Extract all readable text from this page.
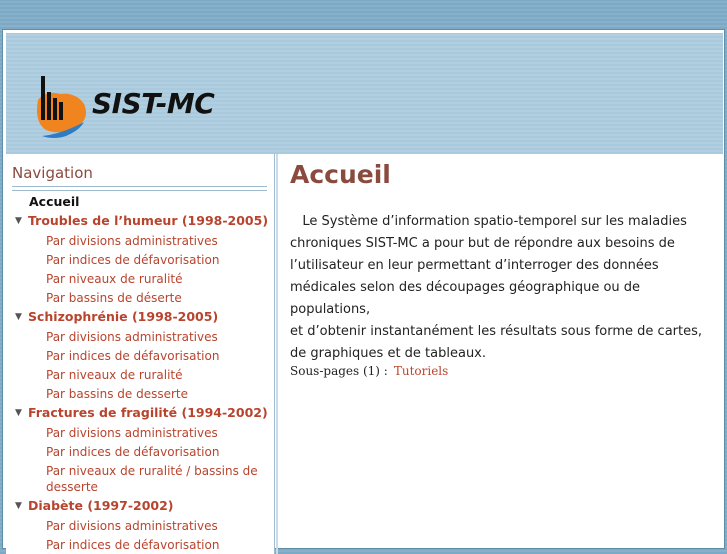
SIST-MC
Navigation
Accueil
▼ Troubles de l’humeur (1998-2005)
Par divisions administratives
Par indices de défavorisation
Par niveaux de ruralité
Par bassins de déserte
▼ Schizophrénie (1998-2005)
Par divisions administratives
Par indices de défavorisation
Par niveaux de ruralité
Par bassins de desserte
▼ Fractures de fragilité (1994-2002)
Par divisions administratives
Par indices de défavorisation
Par niveaux de ruralité / bassins de desserte
▼ Diabète (1997-2002)
Par divisions administratives
Par indices de défavorisation
Accueil

Le Système d’information spatio-temporel sur les maladies chroniques SIST-MC a pour but de répondre aux besoins de l’utilisateur en leur permettant d’interroger des données médicales selon des découpages géographique ou de populations,

et d’obtenir instantanément les résultats sous forme de cartes, de graphiques et de tableaux.

Sous-pages (1) : Tutoriels
